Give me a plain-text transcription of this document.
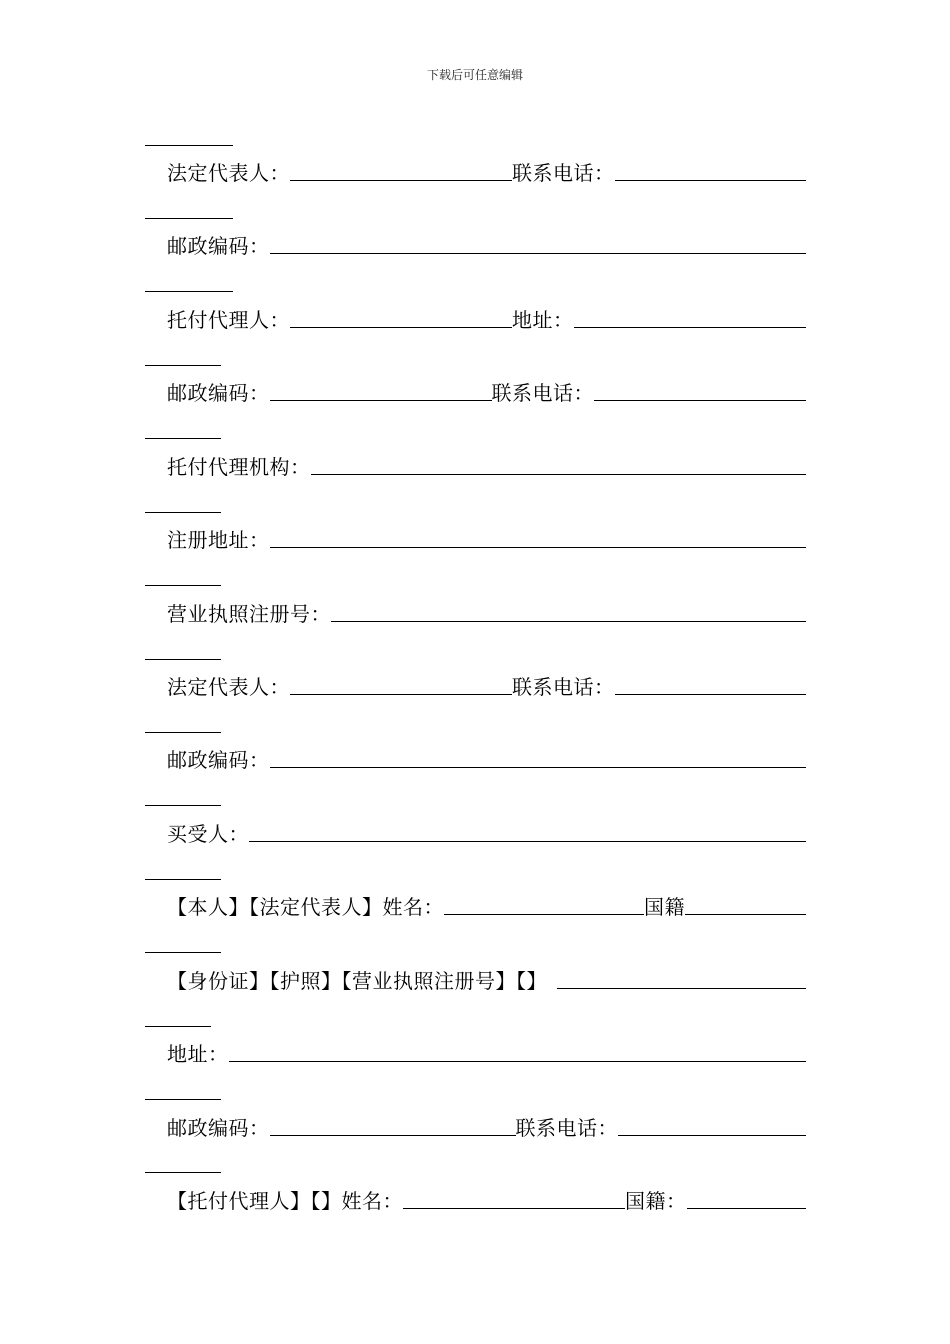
下载后可任意编辑
法定代表人：	联系电话：
邮政编码：
托付代理人：	地址：
邮政编码：	联系电话：
托付代理机构：
注册地址：
营业执照注册号：
法定代表人：	联系电话：
邮政编码：
买受人：
【本人】【法定代表人】姓名：	国籍
【身份证】【护照】【营业执照注册号】【】
地址：
邮政编码：	联系电话：
【托付代理人】【】姓名：	国籍：
